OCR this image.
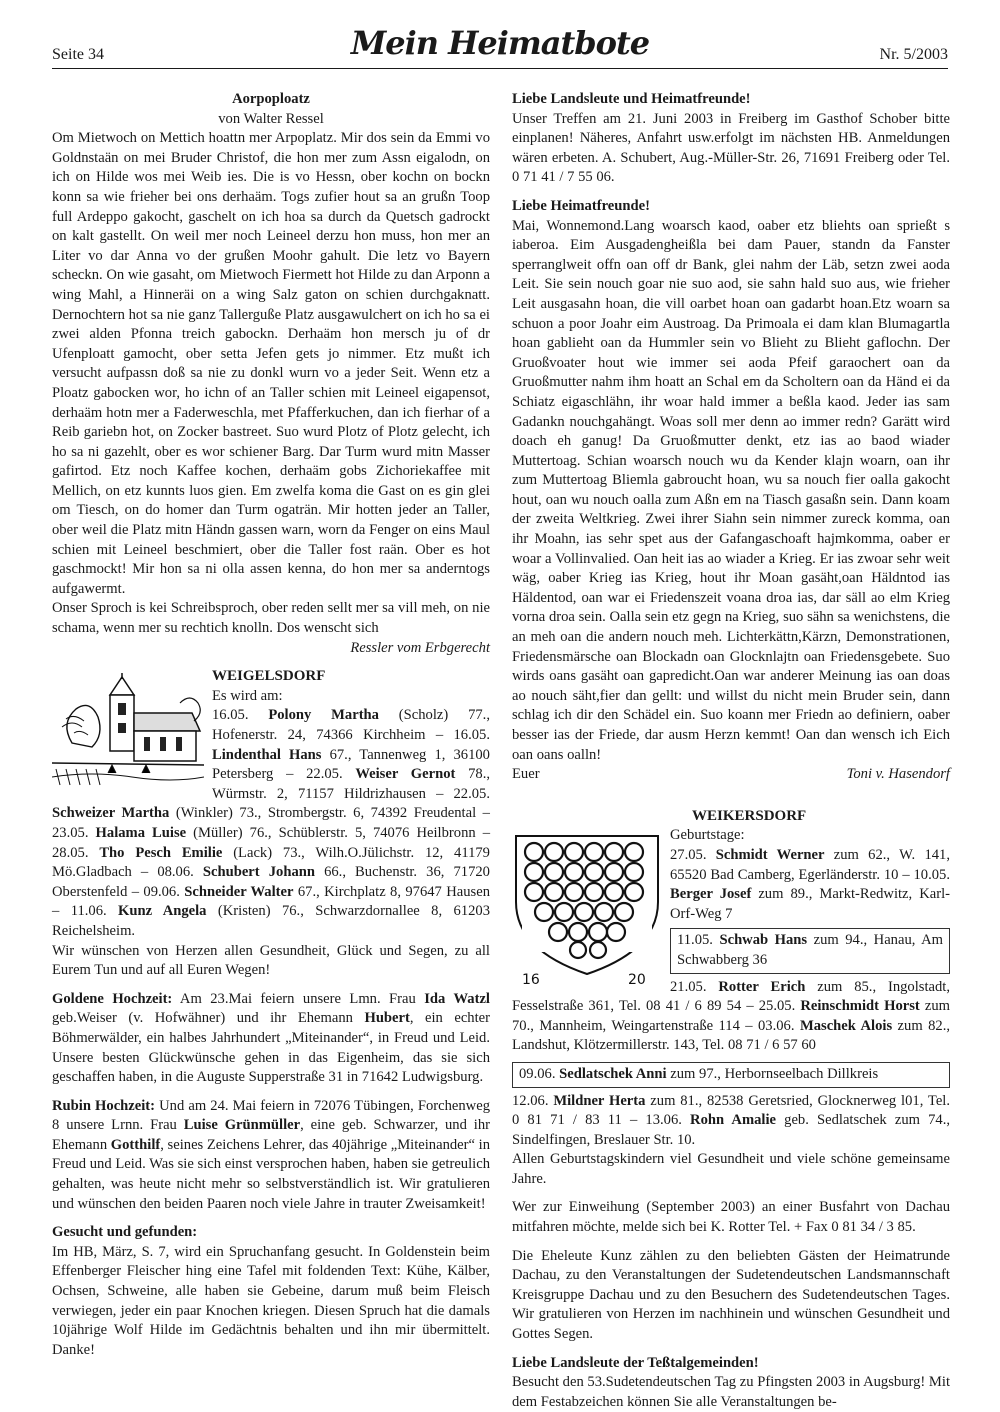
Seite 34	Mein Heimatbote	Nr. 5/2003

Aorpoploatz

von Walter Ressel

Om Mietwoch on Mettich hoattn mer Arpoplatz. Mir dos sein da Emmi vo Goldnstaän on mei Bruder Christof, die hon mer zum Assn eigalodn, on ich on Hilde wos mei Weib ies. Die is vo Hessn, ober kochn on bockn konn sa wie frieher bei ons derhaäm. Togs zufier hout sa an grußn Toop full Ardeppo gakocht, gaschelt on ich hoa sa durch da Quetsch gadrockt on kalt gastellt. On weil mer noch Leineel derzu hon muss, hon mer an Liter vo dar Anna vo der grußen Moohr gahult. Die letz vo Bayern scheckn. On wie gasaht, om Mietwoch Fiermett hot Hilde zu dan Arponn a wing Mahl, a Hinneräi on a wing Salz gaton on schien durchgaknatt. Dernochtern hot sa nie ganz Tallerguße Platz ausgawulchert on ich ho sa ei zwei alden Pfonna treich gabockn. Derhaäm hon mersch ju of dr Ufenploatt gamocht, ober setta Jefen gets jo nimmer. Etz mußt ich versucht aufpassn doß sa nie zu donkl wurn vo a jeder Seit. Wenn etz a Ploatz gabocken wor, ho ichn of an Taller schien mit Leineel eigapensot, derhaäm hotn mer a Faderweschla, met Pfafferkuchen, dan ich fierhar of a Reib gariebn hot, on Zocker bastreet. Suo wurd Plotz of Plotz gelecht, ich ho sa ni gazehlt, ober es wor schiener Barg. Dar Turm wurd mitn Masser gafirtod. Etz noch Kaffee kochen, derhaäm gobs Zichoriekaffee mit Mellich, on etz kunnts luos gien. Em zwelfa koma die Gast on es gin glei om Tiesch, on do homer dan Turm ogaträn. Mir hotten jeder an Taller, ober weil die Platz mitn Händn gassen warn, worn da Fenger on eins Maul schien mit Leineel beschmiert, ober die Taller fost raän. Ober es hot gaschmockt! Mir hon sa ni olla assen kenna, do hon mer sa anderntogs aufgawermt.

Onser Sproch is kei Schreibsproch, ober reden sellt mer sa vill meh, on nie schama, wenn mer su rechtich knolln. Dos wenscht sich

Ressler vom Erbgerecht

WEIGELSDORF

Es wird am:

16.05. Polony Martha (Scholz) 77., Hofenerstr. 24, 74366 Kirchheim – 16.05. Lindenthal Hans 67., Tannenweg 1, 36100 Petersberg – 22.05. Weiser Gernot 78., Würmstr. 2, 71157 Hildrizhausen – 22.05. Schweizer Martha (Winkler) 73., Strombergstr. 6, 74392 Freudental – 23.05. Halama Luise (Müller) 76., Schüblerstr. 5, 74076 Heilbronn – 28.05. Tho Pesch Emilie (Lack) 73., Wilh.O.Jülichstr. 12, 41179 Mö.Gladbach – 08.06. Schubert Johann 66., Buchenstr. 36, 71720 Oberstenfeld – 09.06. Schneider Walter 67., Kirchplatz 8, 97647 Hausen – 11.06. Kunz Angela (Kristen) 76., Schwarzdornallee 8, 61203 Reichelsheim.

Wir wünschen von Herzen allen Gesundheit, Glück und Segen, zu all Eurem Tun und auf all Euren Wegen!

Goldene Hochzeit: Am 23.Mai feiern unsere Lmn. Frau Ida Watzl geb.Weiser (v. Hofwähner) und ihr Ehemann Hubert, ein echter Böhmerwälder, ein halbes Jahrhundert „Miteinander“, in Freud und Leid. Unsere besten Glückwünsche gehen in das Eigenheim, das sie sich geschaffen haben, in die Auguste Supperstraße 31 in 71642 Ludwigsburg.

Rubin Hochzeit: Und am 24. Mai feiern in 72076 Tübingen, Forchenweg 8 unsere Lrnn. Frau Luise Grünmüller, eine geb. Schwarzer, und ihr Ehemann Gotthilf, seines Zeichens Lehrer, das 40jährige „Miteinander“ in Freud und Leid. Was sie sich einst versprochen haben, haben sie getreulich gehalten, was heute nicht mehr so selbstverständlich ist. Wir gratulieren und wünschen den beiden Paaren noch viele Jahre in trauter Zweisamkeit!

Gesucht und gefunden:

Im HB, März, S. 7, wird ein Spruchanfang gesucht. In Goldenstein beim Effenberger Fleischer hing eine Tafel mit foldenden Text: Kühe, Kälber, Ochsen, Schweine, alle haben sie Gebeine, darum muß beim Fleisch verwiegen, jeder ein paar Knochen kriegen. Diesen Spruch hat die damals 10jährige Wolf Hilde im Gedächtnis behalten und ihn mir übermittelt. Danke!

Liebe Landsleute und Heimatfreunde!

Unser Treffen am 21. Juni 2003 in Freiberg im Gasthof Schober bitte einplanen! Näheres, Anfahrt usw.erfolgt im nächsten HB. Anmeldungen wären erbeten. A. Schubert, Aug.-Müller-Str. 26, 71691 Freiberg oder Tel. 0 71 41 / 7 55 06.

Liebe Heimatfreunde!

Mai, Wonnemond.Lang woarsch kaod, oaber etz bliehts oan sprießt s iaberoa. Eim Ausgadengheißla bei dam Pauer, standn da Fanster sperranglweit offn oan off dr Bank, glei nahm der Läb, setzn zwei aoda Leit. Sie sein nouch goar nie suo aod, sie sahn hald suo aus, wie frieher Leit ausgasahn hoan, die vill oarbet hoan oan gadarbt hoan.Etz woarn sa schuon a poor Joahr eim Austroag. Da Primoala ei dam klan Blumagartla hoan gablieht oan da Hummler sein vo Blieht zu Blieht gaflochn. Der Gruoßvoater hout wie immer sei aoda Pfeif garaochert oan da Gruoßmutter nahm ihm hoatt an Schal em da Scholtern oan da Händ ei da Schiatz eigaschlähn, ihr woar hald immer a beßla kaod. Jeder ias sam Gadankn nouchgahängt. Woas soll mer denn ao immer redn? Garätt wird doach eh ganug! Da Gruoßmutter denkt, etz ias ao baod wiader Muttertoag. Schian woarsch nouch wu da Kender klajn woarn, oan ihr zum Muttertoag Bliemla gabroucht hoan, wu sa nouch fier oalla gakocht hout, oan wu nouch oalla zum Aßn em na Tiasch gasaßn sein. Dann koam der zweita Weltkrieg. Zwei ihrer Siahn sein nimmer zureck komma, oan ihr Moahn, ias sehr spet aus der Gafangaschoaft hajmkomma, oaber er woar a Vollinvalied. Oan heit ias ao wiader a Krieg. Er ias zwoar sehr weit wäg, oaber Krieg ias Krieg, hout ihr Moan gasäht,oan Häldntod ias Häldentod, oan war ei Friedenszeit voana droa ias, dar säll ao elm Krieg vorna droa sein. Oalla sein etz gegn na Krieg, suo sähn sa wenichstens, die an meh oan die andern nouch meh. Lichterkättn,Kärzn, Demonstrationen, Friedensmärsche oan Blockadn oan Glocknlajtn oan Friedensgebete. Suo wirds oans gasäht oan gapredicht.Oan war anderer Meinung ias oan doas ao nouch säht,fier dan gellt: und willst du nicht mein Bruder sein, dann schlag ich dir den Schädel ein. Suo koann mer Friedn ao definiern, oaber besser ias der Friede, dar ausm Herzn kemmt! Oan dan wensch ich Eich oan oans oalln!

Euer	Toni v. Hasendorf

WEIKERSDORF

16	20

Geburtstage:

27.05. Schmidt Werner zum 62., W. 141, 65520 Bad Camberg, Egerländerstr. 10 – 10.05. Berger Josef zum 89., Markt-Redwitz, Karl-Orf-Weg 7

11.05. Schwab Hans zum 94., Hanau, Am Schwabberg 36

21.05. Rotter Erich zum 85., Ingolstadt, Fesselstraße 361, Tel. 08 41 / 6 89 54 – 25.05. Reinschmidt Horst zum 70., Mannheim, Weingartenstraße 114 – 03.06. Maschek Alois zum 82., Landshut, Klötzermillerstr. 143, Tel. 08 71 / 6 57 60

09.06. Sedlatschek Anni zum 97., Herbornseelbach Dillkreis

12.06. Mildner Herta zum 81., 82538 Geretsried, Glocknerweg l01, Tel. 0 81 71 / 83 11 – 13.06. Rohn Amalie geb. Sedlatschek zum 74., Sindelfingen, Breslauer Str. 10.

Allen Geburtstagskindern viel Gesundheit und viele schöne gemeinsame Jahre.

Wer zur Einweihung (September 2003) an einer Busfahrt von Dachau mitfahren möchte, melde sich bei K. Rotter Tel. + Fax 0 81 34 / 3 85.

Die Eheleute Kunz zählen zu den beliebten Gästen der Heimatrunde Dachau, zu den Veranstaltungen der Sudetendeutschen Landsmannschaft Kreisgruppe Dachau und zu den Besuchern des Sudetendeutschen Tages. Wir gratulieren von Herzen im nachhinein und wünschen Gesundheit und Gottes Segen.

Liebe Landsleute der Teßtalgemeinden!

Besucht den 53.Sudetendeutschen Tag zu Pfingsten 2003 in Augsburg! Mit dem Festabzeichen können Sie alle Veranstaltungen be-
